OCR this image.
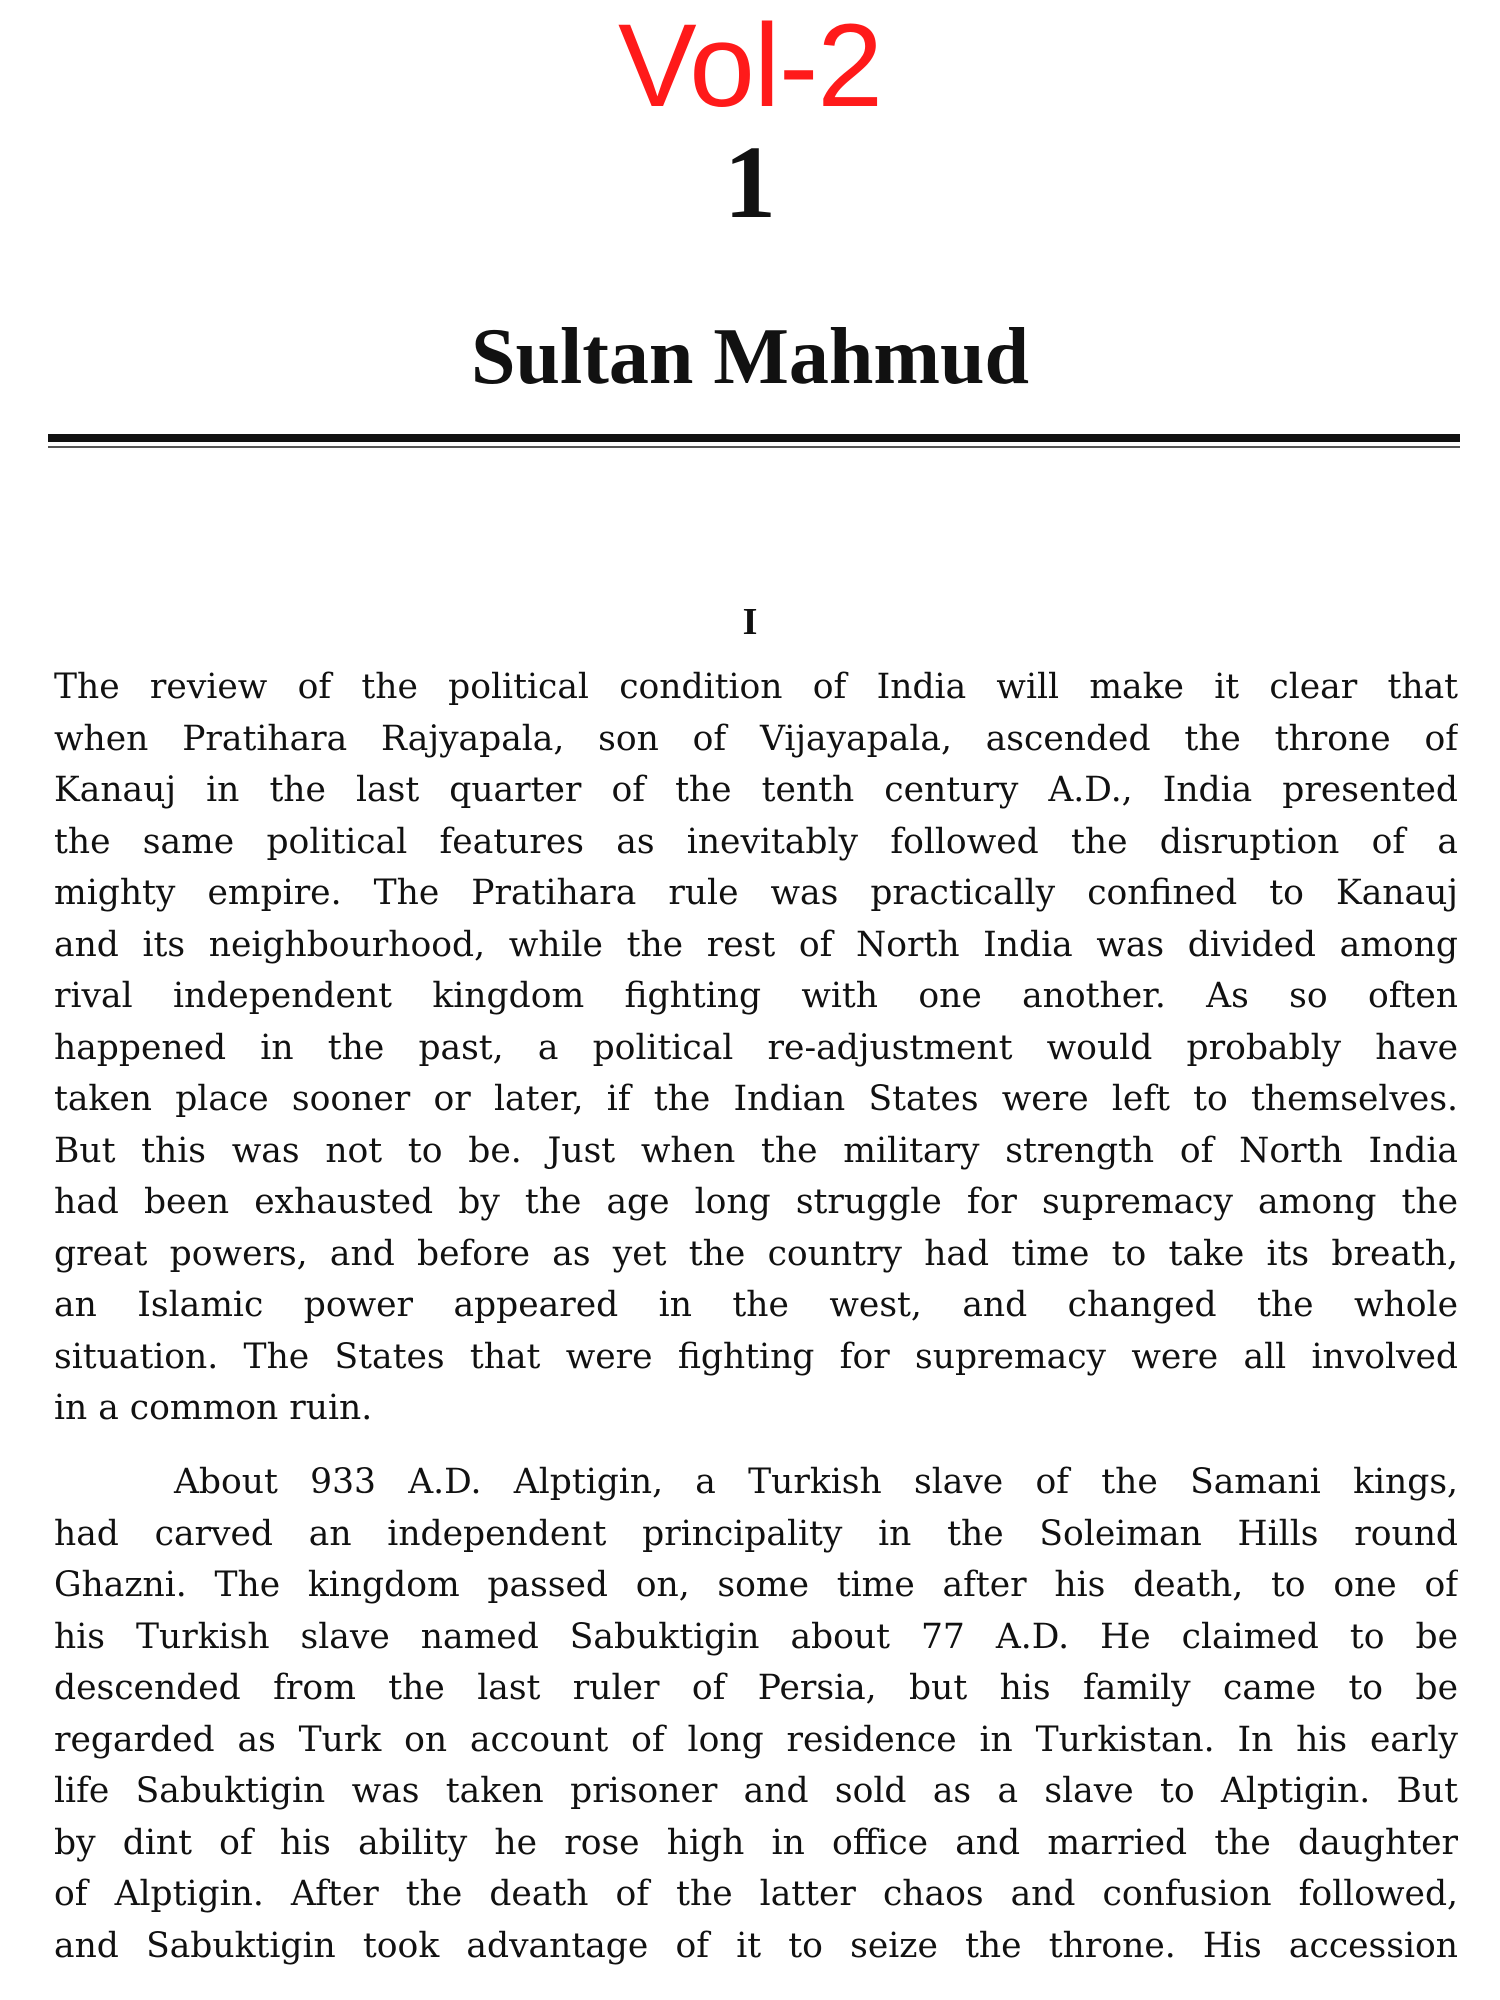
Vol-2
1
Sultan Mahmud
I
The review of the political condition of India will make it clear that
when Pratihara Rajyapala, son of Vijayapala, ascended the throne of
Kanauj in the last quarter of the tenth century A.D., India presented
the same political features as inevitably followed the disruption of a
mighty empire. The Pratihara rule was practically confined to Kanauj
and its neighbourhood, while the rest of North India was divided among
rival independent kingdom fighting with one another. As so often
happened in the past, a political re-adjustment would probably have
taken place sooner or later, if the Indian States were left to themselves.
But this was not to be. Just when the military strength of North India
had been exhausted by the age long struggle for supremacy among the
great powers, and before as yet the country had time to take its breath,
an Islamic power appeared in the west, and changed the whole
situation. The States that were fighting for supremacy were all involved
in a common ruin.
About 933 A.D. Alptigin, a Turkish slave of the Samani kings,
had carved an independent principality in the Soleiman Hills round
Ghazni. The kingdom passed on, some time after his death, to one of
his Turkish slave named Sabuktigin about 77 A.D. He claimed to be
descended from the last ruler of Persia, but his family came to be
regarded as Turk on account of long residence in Turkistan. In his early
life Sabuktigin was taken prisoner and sold as a slave to Alptigin. But
by dint of his ability he rose high in office and married the daughter
of Alptigin. After the death of the latter chaos and confusion followed,
and Sabuktigin took advantage of it to seize the throne. His accession
